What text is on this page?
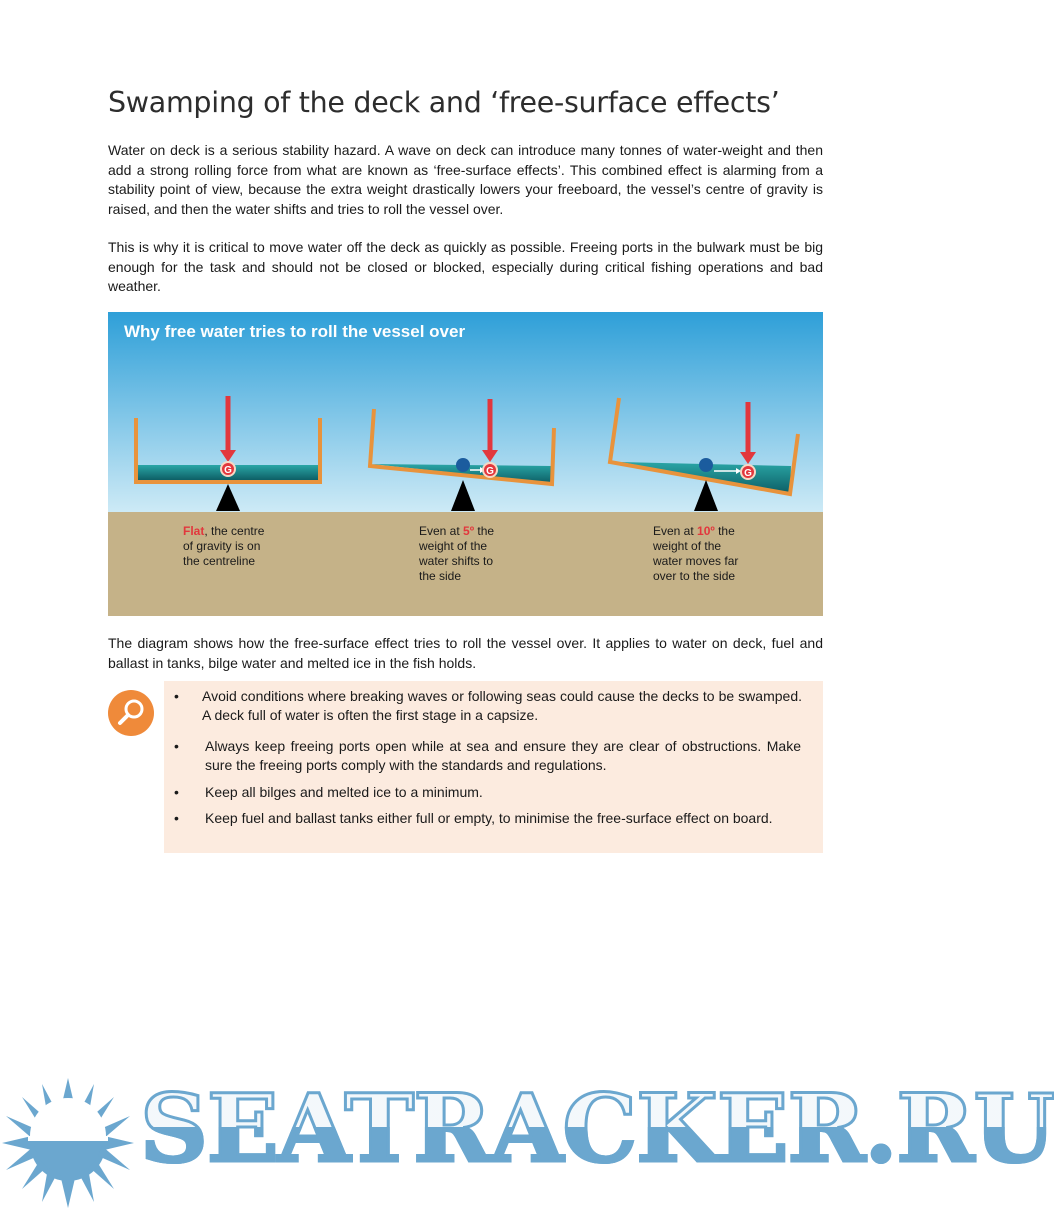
Swamping of the deck and ‘free-surface effects’

Water on deck is a serious stability hazard. A wave on deck can introduce many tonnes of water-weight and then add a strong rolling force from what are known as ‘free-surface effects’. This combined effect is alarming from a stability point of view, because the extra weight drastically lowers your freeboard, the vessel’s centre of gravity is raised, and then the water shifts and tries to roll the vessel over.

This is why it is critical to move water off the deck as quickly as possible. Freeing ports in the bulwark must be big enough for the task and should not be closed or blocked, especially during critical fishing operations and bad weather.

G	G	G

Why free water tries to roll the vessel over

Flat, the centre
of gravity is on
the centreline
Even at 5º the
weight of the
water shifts to
the side
Even at 10º the
weight of the
water moves far
over to the side

The diagram shows how the free-surface effect tries to roll the vessel over. It applies to water on deck, fuel and ballast in tanks, bilge water and melted ice in the fish holds.

• Avoid conditions where breaking waves or following seas could cause the decks to be swamped. A deck full of water is often the first stage in a capsize.
• Always keep freeing ports open while at sea and ensure they are clear of obstructions. Make sure the freeing ports comply with the standards and regulations.
• Keep all bilges and melted ice to a minimum.
• Keep fuel and ballast tanks either full or empty, to minimise the free-surface effect on board.

SEATRACKER.RU
